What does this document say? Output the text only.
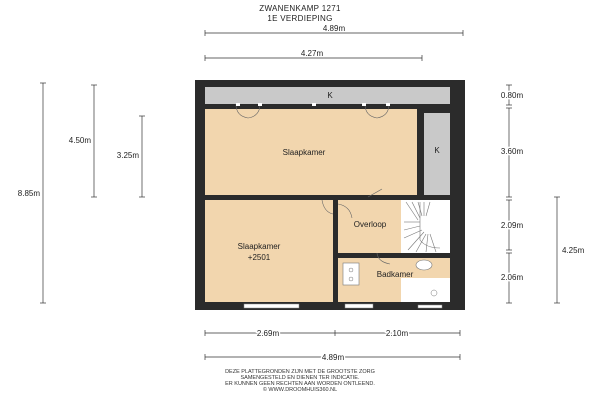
ZWANENKAMP 1271
1E VERDIEPING
K
K
Slaapkamer
Slaapkamer
+2501
Overloop
Badkamer
4.89m
4.27m
8.85m
4.50m
3.25m
0.80m
3.60m
2.09m
2.06m
4.25m
2.69m	2.10m
4.89m
DEZE PLATTEGRONDEN ZIJN MET DE GROOTSTE ZORG
SAMENGESTELD EN DIENEN TER INDICATIE.
ER KUNNEN GEEN RECHTEN AAN WORDEN ONTLEEND.
© WWW.DROOMHUIS360.NL
